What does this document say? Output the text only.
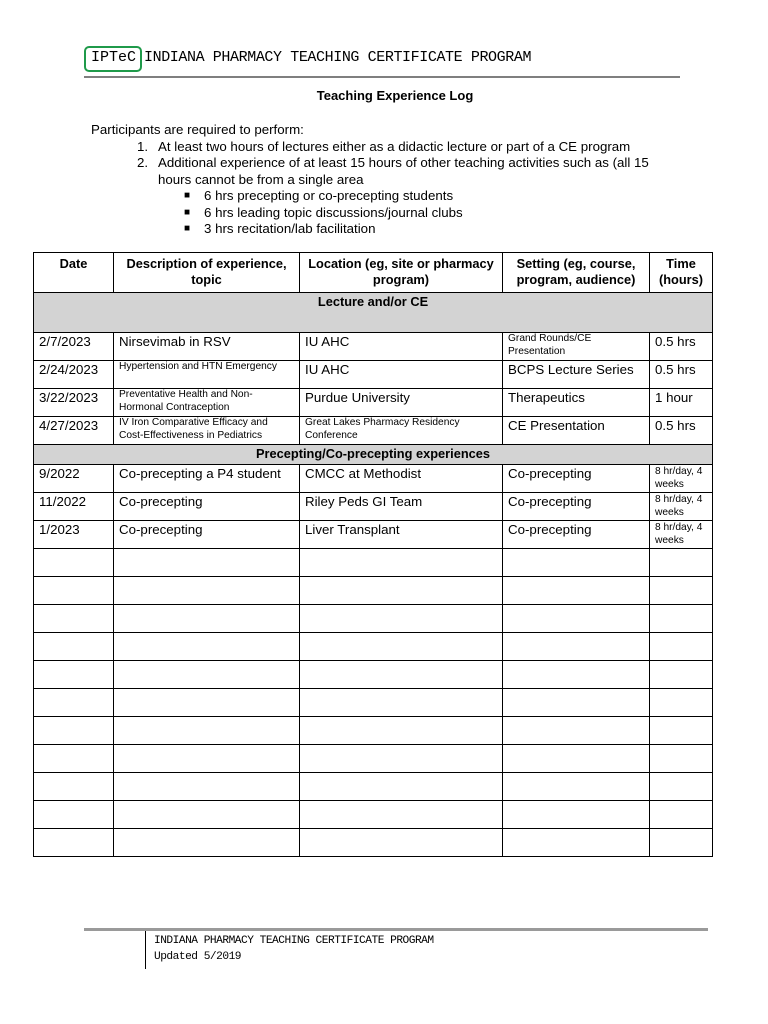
IPTeC INDIANA PHARMACY TEACHING CERTIFICATE PROGRAM
Teaching Experience Log

Participants are required to perform:

1. At least two hours of lectures either as a didactic lecture or part of a CE program
2. Additional experience of at least 15 hours of other teaching activities such as (all 15 hours cannot be from a single area
■ 6 hrs precepting or co-precepting students
■ 6 hrs leading topic discussions/journal clubs
■ 3 hrs recitation/lab facilitation
Date	Description of experience, topic	Location (eg, site or pharmacy program)	Setting (eg, course, program, audience)	Time (hours)
Lecture and/or CE				
2/7/2023	Nirsevimab in RSV	IU AHC	Grand Rounds/CE Presentation	0.5 hrs
2/24/2023	Hypertension and HTN Emergency	IU AHC	BCPS Lecture Series	0.5 hrs
3/22/2023	Preventative Health and Non-Hormonal Contraception	Purdue University	Therapeutics	1 hour
4/27/2023	IV Iron Comparative Efficacy and Cost-Effectiveness in Pediatrics	Great Lakes Pharmacy Residency Conference	CE Presentation	0.5 hrs
Precepting/Co-precepting experiences				
9/2022	Co-precepting a P4 student	CMCC at Methodist	Co-precepting	8 hr/day, 4 weeks

11/2022	Co-precepting	Riley Peds GI Team	Co-precepting	8 hr/day, 4 weeks

1/2023	Co-precepting	Liver Transplant	Co-precepting	8 hr/day, 4 weeks

INDIANA PHARMACY TEACHING CERTIFICATE PROGRAM
Updated 5/2019
